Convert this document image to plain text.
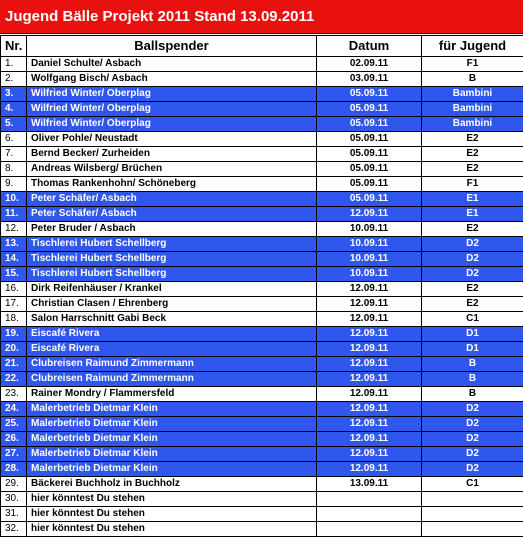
Jugend Bälle Projekt 2011 Stand 13.09.2011
Nr.	Ballspender	Datum	für Jugend
1.	Daniel Schulte/ Asbach	02.09.11	F1
2.	Wolfgang Bisch/ Asbach	03.09.11	B
3.	Wilfried Winter/ Oberplag	05.09.11	Bambini
4.	Wilfried Winter/ Oberplag	05.09.11	Bambini
5.	Wilfried Winter/ Oberplag	05.09.11	Bambini
6.	Oliver Pohle/ Neustadt	05.09.11	E2
7.	Bernd Becker/ Zurheiden	05.09.11	E2
8.	Andreas Wilsberg/ Brüchen	05.09.11	E2
9.	Thomas Rankenhohn/ Schöneberg	05.09.11	F1
10.	Peter Schäfer/ Asbach	05.09.11	E1
11.	Peter Schäfer/ Asbach	12.09.11	E1
12.	Peter Bruder / Asbach	10.09.11	E2
13.	Tischlerei Hubert Schellberg	10.09.11	D2
14.	Tischlerei Hubert Schellberg	10.09.11	D2
15.	Tischlerei Hubert Schellberg	10.09.11	D2
16.	Dirk Reifenhäuser / Krankel	12.09.11	E2
17.	Christian Clasen / Ehrenberg	12.09.11	E2
18.	Salon Harrschnitt Gabi Beck	12.09.11	C1
19.	Eiscafé Rivera	12.09.11	D1
20.	Eiscafé Rivera	12.09.11	D1
21.	Clubreisen Raimund Zimmermann	12.09.11	B
22.	Clubreisen Raimund Zimmermann	12.09.11	B
23.	Rainer Mondry / Flammersfeld	12.09.11	B
24.	Malerbetrieb Dietmar Klein	12.09.11	D2
25.	Malerbetrieb Dietmar Klein	12.09.11	D2
26.	Malerbetrieb Dietmar Klein	12.09.11	D2
27.	Malerbetrieb Dietmar Klein	12.09.11	D2
28.	Malerbetrieb Dietmar Klein	12.09.11	D2
29.	Bäckerei Buchholz in Buchholz	13.09.11	C1
30.	hier könntest Du stehen		
31.	hier könntest Du stehen		
32.	hier könntest Du stehen		
